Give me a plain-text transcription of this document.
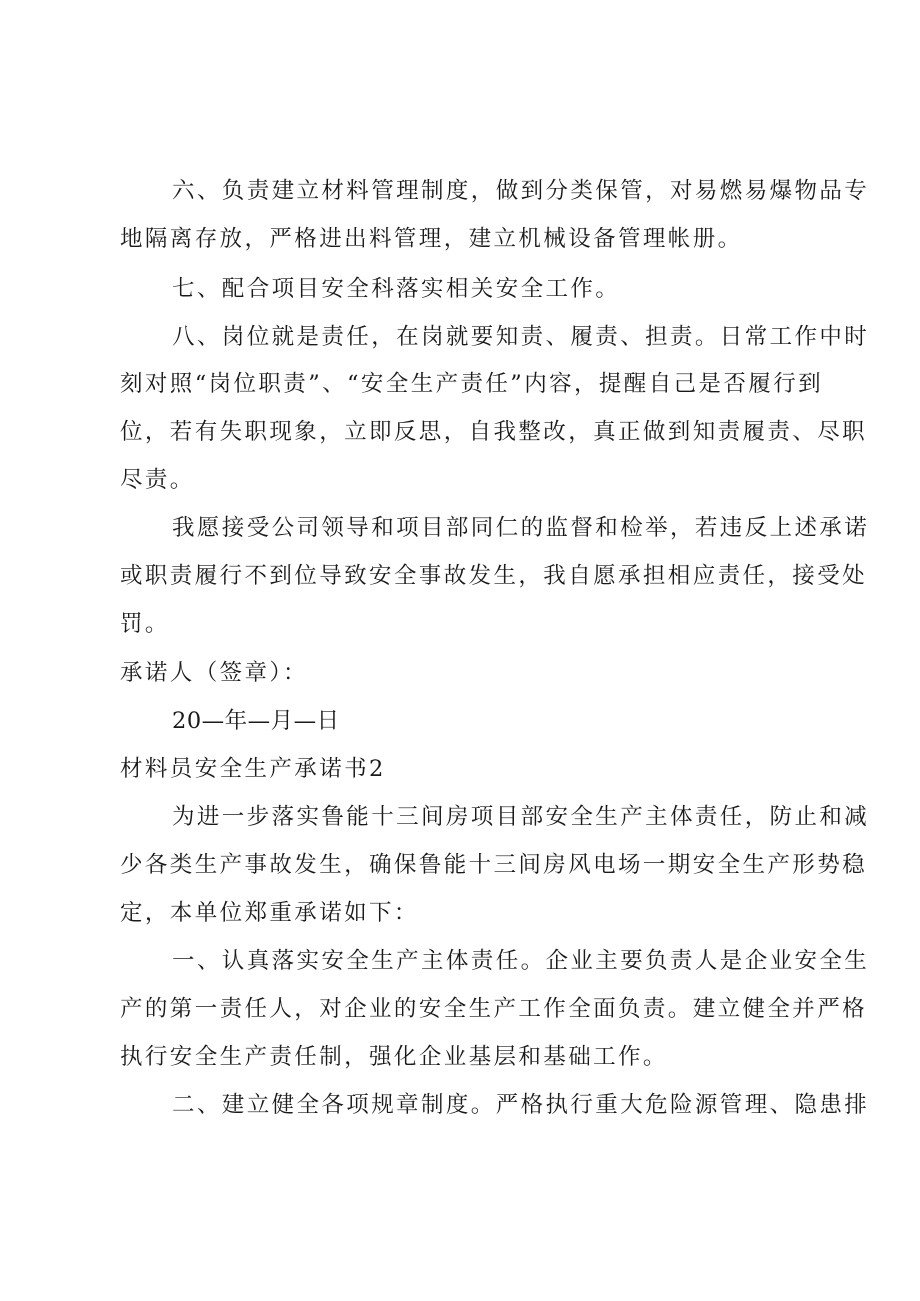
六、负责建立材料管理制度，做到分类保管，对易燃易爆物品专
地隔离存放，严格进出料管理，建立机械设备管理帐册。
七、配合项目安全科落实相关安全工作。
八、岗位就是责任，在岗就要知责、履责、担责。日常工作中时
刻对照“岗位职责”、“安全生产责任”内容，提醒自己是否履行到
位，若有失职现象，立即反思，自我整改，真正做到知责履责、尽职
尽责。
我愿接受公司领导和项目部同仁的监督和检举，若违反上述承诺
或职责履行不到位导致安全事故发生，我自愿承担相应责任，接受处
罚。
承诺人（签章）：
20—年—月—日
材料员安全生产承诺书2
为进一步落实鲁能十三间房项目部安全生产主体责任，防止和减
少各类生产事故发生，确保鲁能十三间房风电场一期安全生产形势稳
定，本单位郑重承诺如下：
一、认真落实安全生产主体责任。企业主要负责人是企业安全生
产的第一责任人，对企业的安全生产工作全面负责。建立健全并严格
执行安全生产责任制，强化企业基层和基础工作。
二、建立健全各项规章制度。严格执行重大危险源管理、隐患排
